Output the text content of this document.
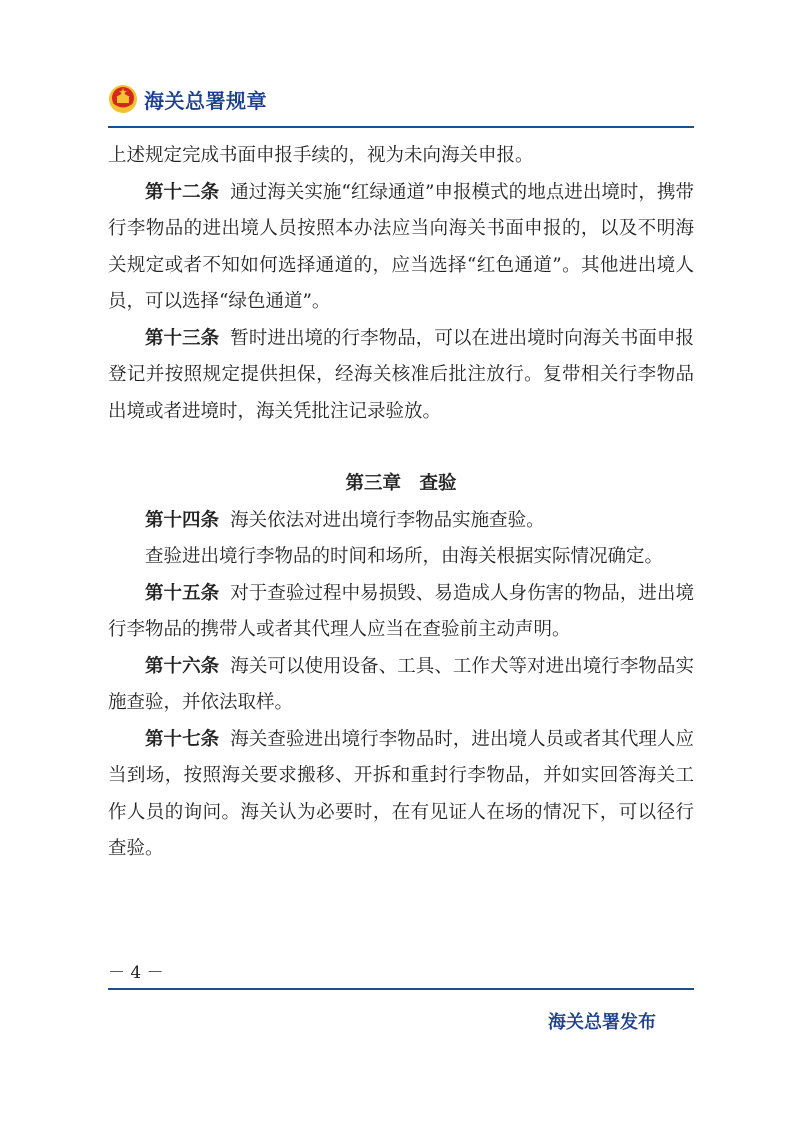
海关总署规章

上述规定完成书面申报手续的，视为未向海关申报。

第十二条 通过海关实施“红绿通道”申报模式的地点进出境时，携带行李物品的进出境人员按照本办法应当向海关书面申报的，以及不明海关规定或者不知如何选择通道的，应当选择“红色通道”。其他进出境人员，可以选择“绿色通道”。

第十三条 暂时进出境的行李物品，可以在进出境时向海关书面申报登记并按照规定提供担保，经海关核准后批注放行。复带相关行李物品出境或者进境时，海关凭批注记录验放。

第三章　查验

第十四条 海关依法对进出境行李物品实施查验。

查验进出境行李物品的时间和场所，由海关根据实际情况确定。

第十五条 对于查验过程中易损毁、易造成人身伤害的物品，进出境行李物品的携带人或者其代理人应当在查验前主动声明。

第十六条 海关可以使用设备、工具、工作犬等对进出境行李物品实施查验，并依法取样。

第十七条 海关查验进出境行李物品时，进出境人员或者其代理人应当到场，按照海关要求搬移、开拆和重封行李物品，并如实回答海关工作人员的询问。海关认为必要时，在有见证人在场的情况下，可以径行查验。

－ 4 －
海关总署发布
